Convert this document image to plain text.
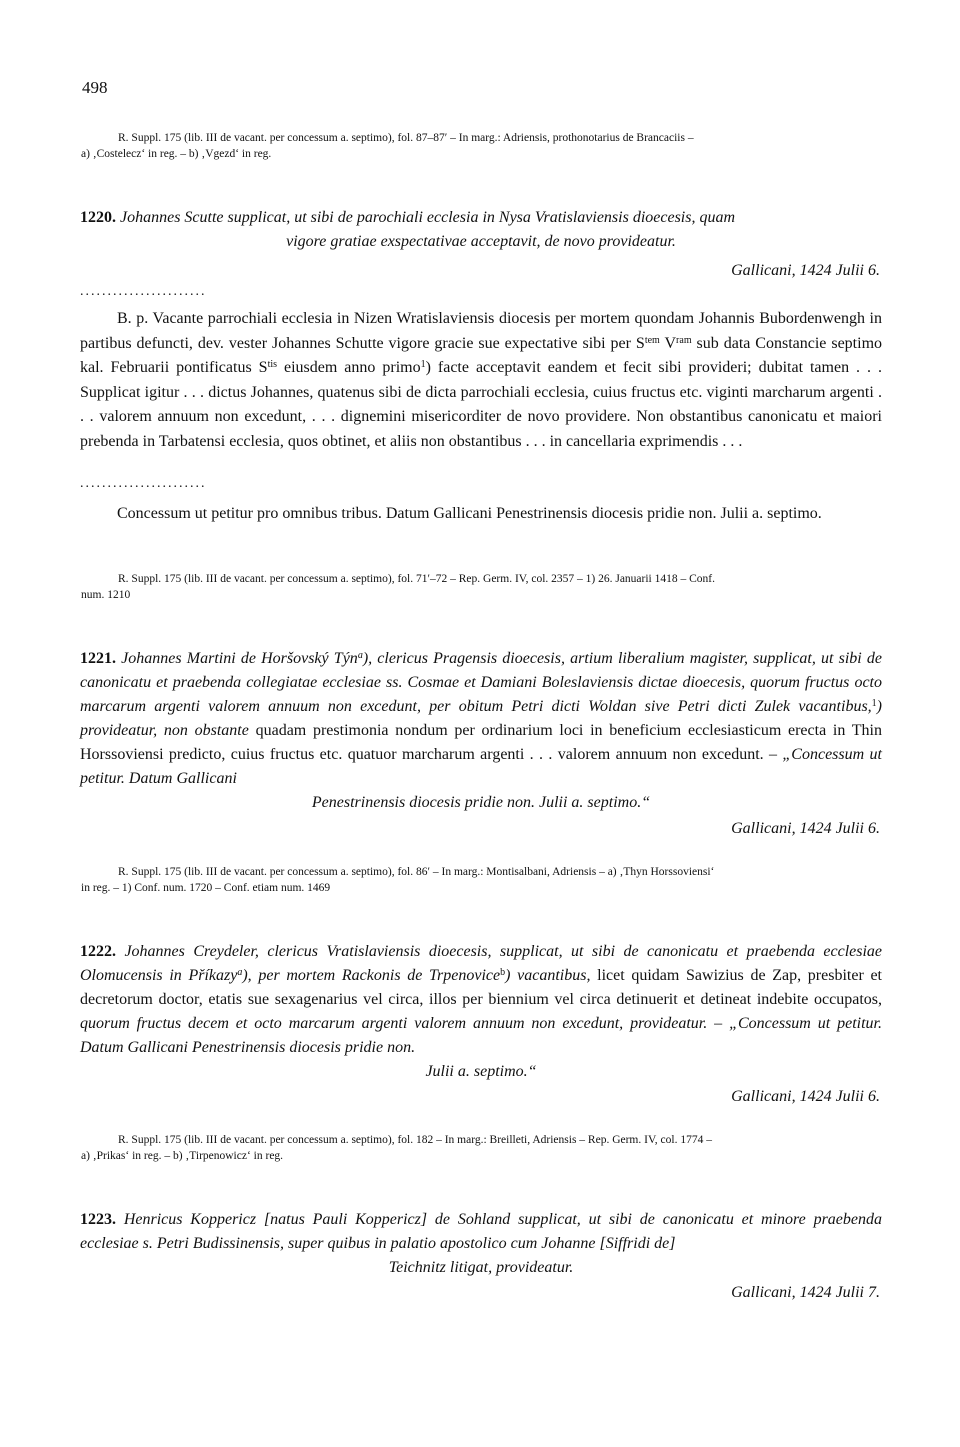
498
R. Suppl. 175 (lib. III de vacant. per concessum a. septimo), fol. 87–87′ – In marg.: Adriensis, prothonotarius de Brancaciis –
a) ‚Costelecz‘ in reg. – b) ‚Vgezd‘ in reg.
1220. Johannes Scutte supplicat, ut sibi de parochiali ecclesia in Nysa Vratislaviensis dioecesis, quam
vigore gratiae exspectativae acceptavit, de novo provideatur.
Gallicani, 1424 Julii 6.
.......................
B. p. Vacante parrochiali ecclesia in Nizen Wratislaviensis diocesis per mortem quondam Johannis Bubordenwengh in partibus defuncti, dev. vester Johannes Schutte vigore gracie sue expectative sibi per $S^{tem}$ $V^{ram}$ sub data Constancie septimo kal. Februarii pontificatus $S^{tis}$ eiusdem anno primo$^1$) facte acceptavit eandem et fecit sibi provideri; dubitat tamen . . . Supplicat igitur . . . dictus Johannes, quatenus sibi de dicta parrochiali ecclesia, cuius fructus etc. viginti marcharum argenti . . . valorem annuum non excedunt, . . . dignemini misericorditer de novo providere. Non obstantibus canonicatu et maiori prebenda in Tarbatensi ecclesia, quos obtinet, et aliis non obstantibus . . . in cancellaria exprimendis . . .
.......................
Concessum ut petitur pro omnibus tribus. Datum Gallicani Penestrinensis diocesis pridie non. Julii a. septimo.
R. Suppl. 175 (lib. III de vacant. per concessum a. septimo), fol. 71′–72 – Rep. Germ. IV, col. 2357 – 1) 26. Januarii 1418 – Conf.
num. 1210
1221. Johannes Martini de Horšovský Týn$^a$), clericus Pragensis dioecesis, artium liberalium magister, supplicat, ut sibi de canonicatu et praebenda collegiatae ecclesiae ss. Cosmae et Damiani Boleslaviensis dictae dioecesis, quorum fructus octo marcarum argenti valorem annuum non excedunt, per obitum Petri dicti Woldan sive Petri dicti Zulek vacantibus,$^1$) provideatur, non obstante quadam prestimonia nondum per ordinarium loci in beneficium ecclesiasticum erecta in Thin Horssoviensi predicto, cuius fructus etc. quatuor marcharum argenti . . . valorem annuum non excedunt. – „Concessum ut petitur. Datum Gallicani
Penestrinensis diocesis pridie non. Julii a. septimo.“
Gallicani, 1424 Julii 6.
R. Suppl. 175 (lib. III de vacant. per concessum a. septimo), fol. 86′ – In marg.: Montisalbani, Adriensis – a) ‚Thyn Horssoviensi‘
in reg. – 1) Conf. num. 1720 – Conf. etiam num. 1469
1222. Johannes Creydeler, clericus Vratislaviensis dioecesis, supplicat, ut sibi de canonicatu et praebenda ecclesiae Olomucensis in Příkazy$^a$), per mortem Rackonis de Trpenovice$^b$) vacantibus, licet quidam Sawizius de Zap, presbiter et decretorum doctor, etatis sue sexagenarius vel circa, illos per biennium vel circa detinuerit et detineat indebite occupatos, quorum fructus decem et octo marcarum argenti valorem annuum non excedunt, provideatur. – „Concessum ut petitur. Datum Gallicani Penestrinensis diocesis pridie non.
Julii a. septimo.“
Gallicani, 1424 Julii 6.
R. Suppl. 175 (lib. III de vacant. per concessum a. septimo), fol. 182 – In marg.: Breilleti, Adriensis – Rep. Germ. IV, col. 1774 –
a) ‚Prikas‘ in reg. – b) ‚Tirpenowicz‘ in reg.
1223. Henricus Koppericz [natus Pauli Koppericz] de Sohland supplicat, ut sibi de canonicatu et minore praebenda ecclesiae s. Petri Budissinensis, super quibus in palatio apostolico cum Johanne [Siffridi de]
Teichnitz litigat, provideatur.
Gallicani, 1424 Julii 7.
